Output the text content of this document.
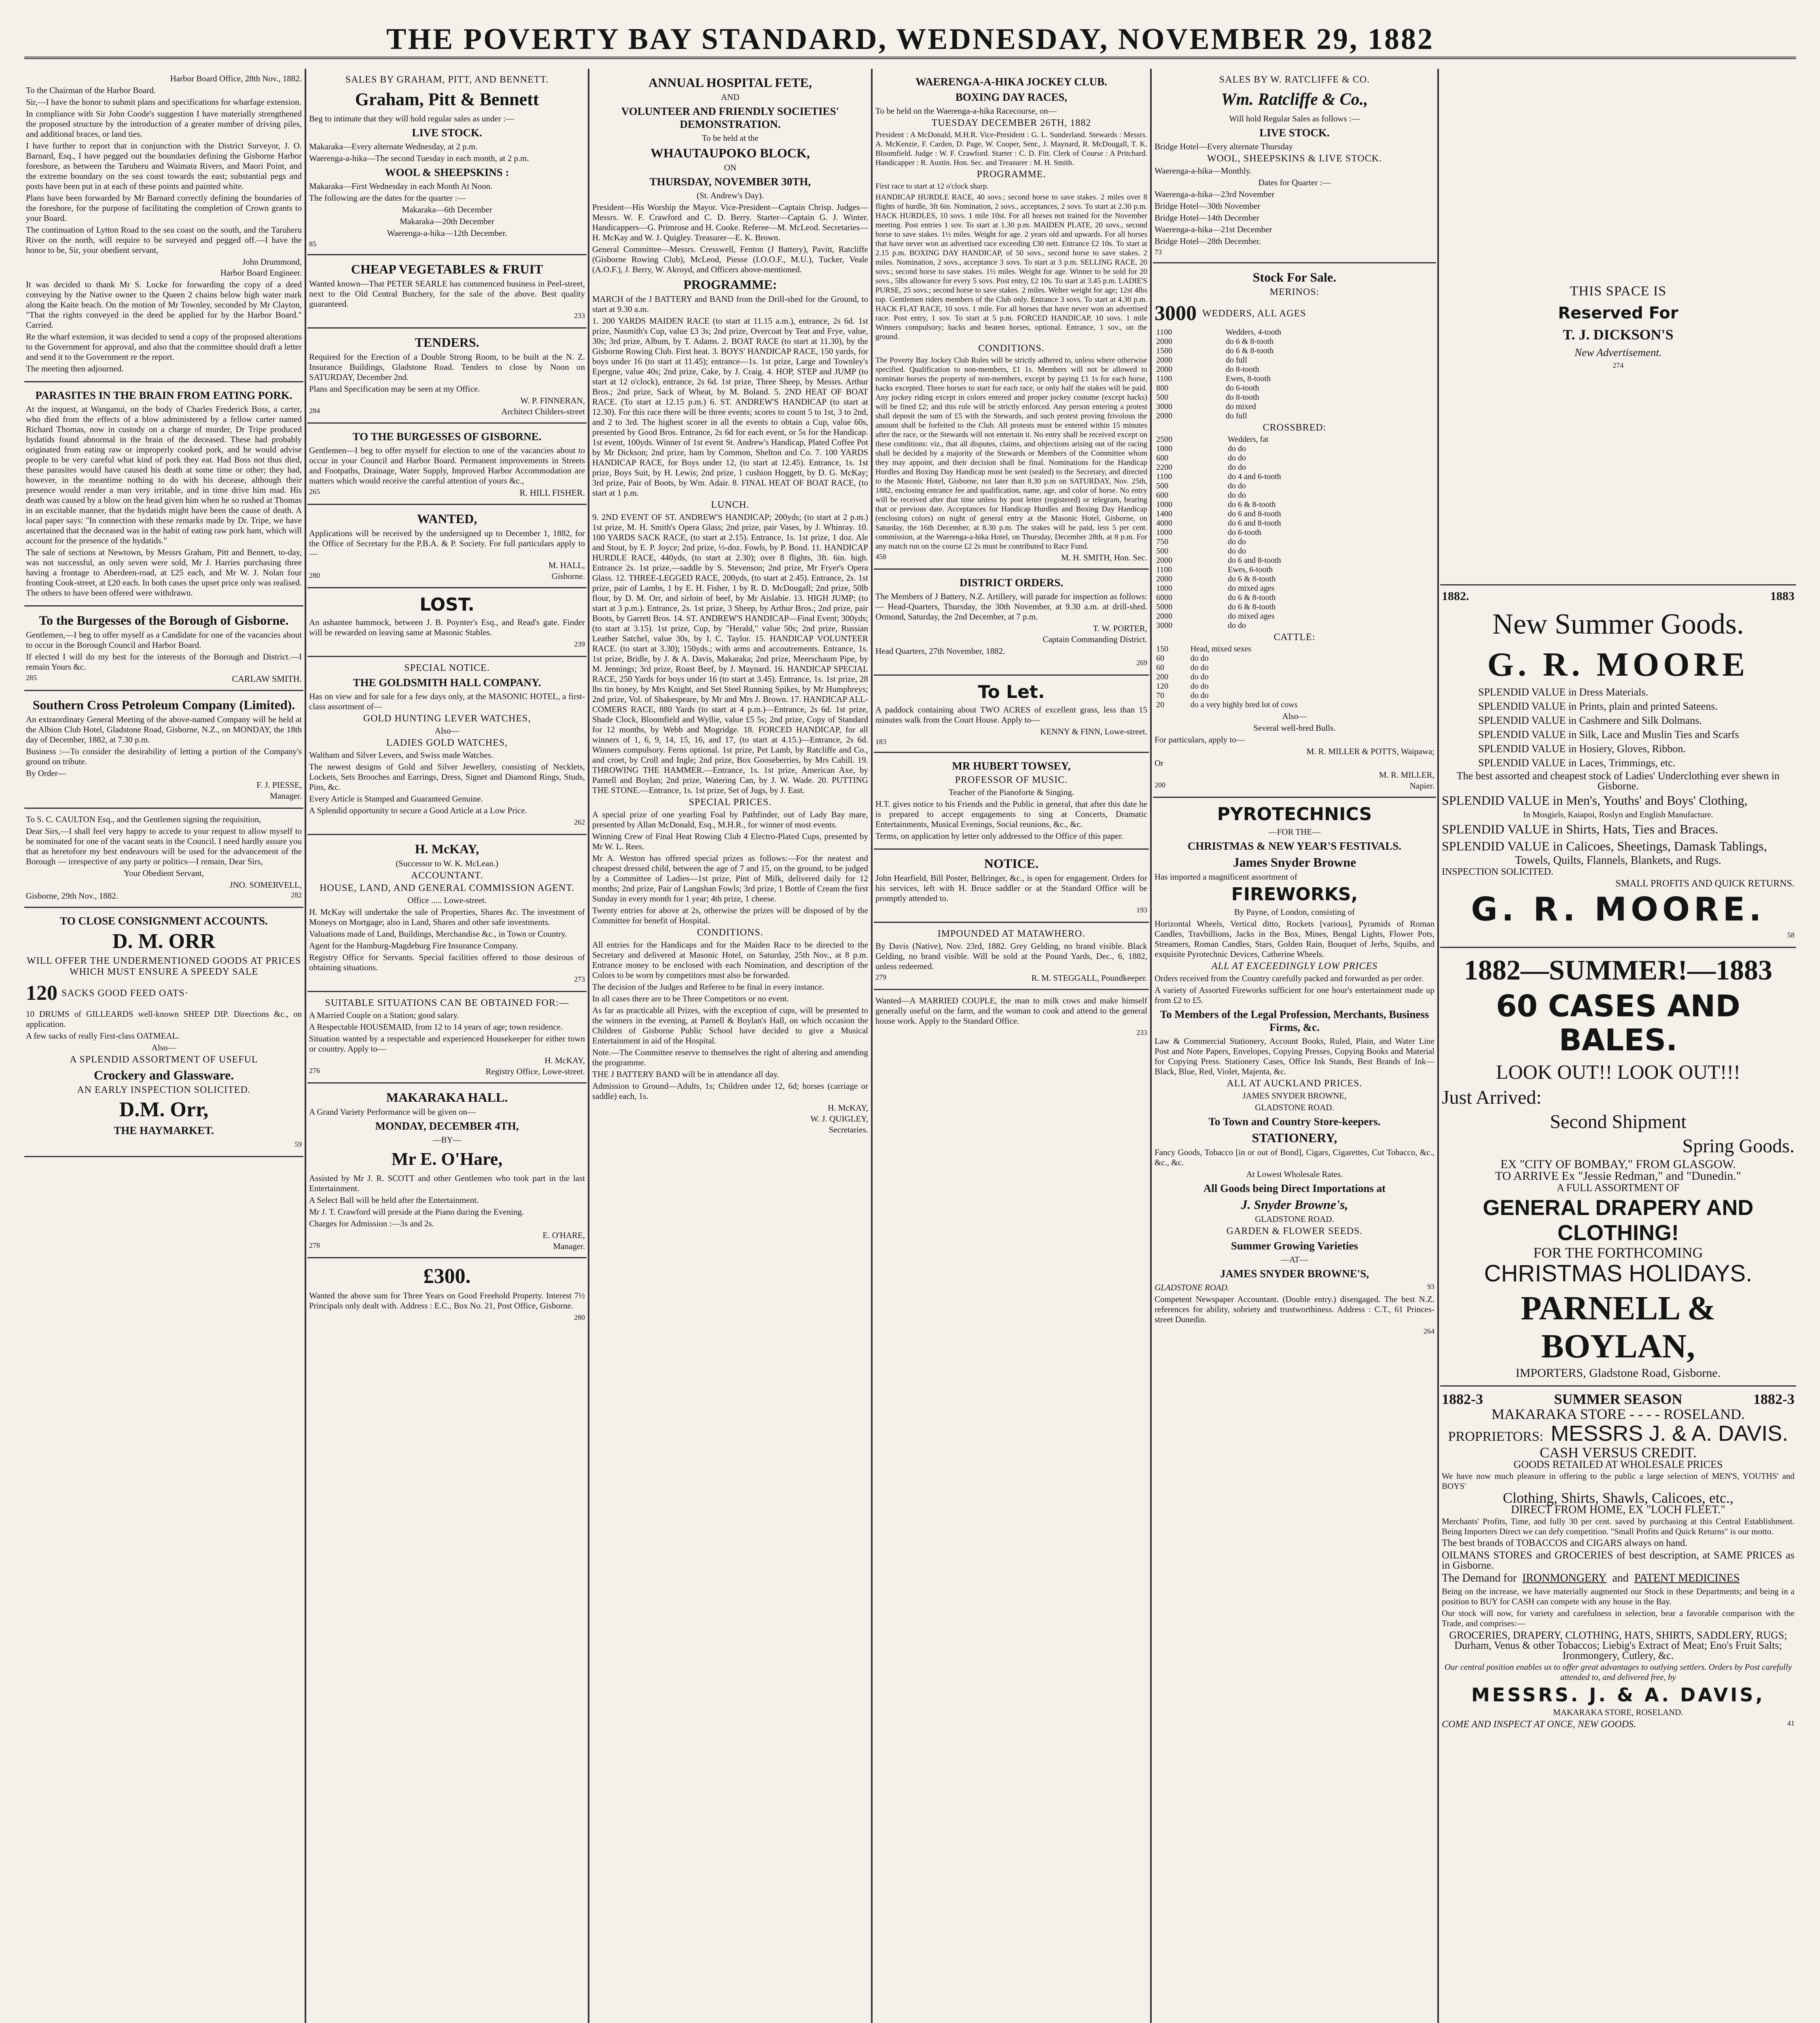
THE POVERTY BAY STANDARD, WEDNESDAY, NOVEMBER 29, 1882
Harbor Board Office, 28th Nov., 1882.
To the Chairman of the Harbor Board.
Sir,—I have the honor to submit plans and specifications for wharfage extension.
In compliance with Sir John Coode's suggestion I have materially strengthened the proposed structure by the introduction of a greater number of driving piles, and additional braces, or land ties.
I have further to report that in conjunction with the District Surveyor, J. O. Barnard, Esq., I have pegged out the boundaries defining the Gisborne Harbor foreshore, as between the Taruheru and Waimata Rivers, and Maori Point, and the extreme boundary on the sea coast towards the east; substantial pegs and posts have been put in at each of these points and painted white.
Plans have been forwarded by Mr Barnard correctly defining the boundaries of the foreshore, for the purpose of facilitating the completion of Crown grants to your Board.
The continuation of Lytton Road to the sea coast on the south, and the Taruheru River on the north, will require to be surveyed and pegged off.—I have the honor to be, Sir, your obedient servant,
John Drummond,
Harbor Board Engineer.
It was decided to thank Mr S. Locke for forwarding the copy of a deed conveying by the Native owner to the Queen 2 chains below high water mark along the Kaite beach. On the motion of Mr Townley, seconded by Mr Clayton, "That the rights conveyed in the deed be applied for by the Harbor Board." Carried.
Re the wharf extension, it was decided to send a copy of the proposed alterations to the Government for approval, and also that the committee should draft a letter and send it to the Government re the report.
The meeting then adjourned.
PARASITES IN THE BRAIN FROM EATING PORK.
At the inquest, at Wanganui, on the body of Charles Frederick Boss, a carter, who died from the effects of a blow administered by a fellow carter named Richard Thomas, now in custody on a charge of murder, Dr Tripe produced hydatids found abnormal in the brain of the deceased. These had probably originated from eating raw or improperly cooked pork, and he would advise people to be very careful what kind of pork they eat. Had Boss not thus died, these parasites would have caused his death at some time or other; they had, however, in the meantime nothing to do with his decease, although their presence would render a man very irritable, and in time drive him mad. His death was caused by a blow on the head given him when he so rushed at Thomas in an excitable manner, that the hydatids might have been the cause of death. A local paper says: "In connection with these remarks made by Dr. Tripe, we have ascertained that the deceased was in the habit of eating raw pork ham, which will account for the presence of the hydatids."
The sale of sections at Newtown, by Messrs Graham, Pitt and Bennett, to-day, was not successful, as only seven were sold, Mr J. Harries purchasing three having a frontage to Aberdeen-road, at £25 each, and Mr W. J. Nolan four fronting Cook-street, at £20 each. In both cases the upset price only was realised. The others to have been offered were withdrawn.
To the Burgesses of the Borough of Gisborne.
Gentlemen,—I beg to offer myself as a Candidate for one of the vacancies about to occur in the Borough Council and Harbor Board.
If elected I will do my best for the interests of the Borough and District.—I remain Yours &c.
285	CARLAW SMITH.
Southern Cross Petroleum Company (Limited).
An extraordinary General Meeting of the above-named Company will be held at the Albion Club Hotel, Gladstone Road, Gisborne, N.Z., on MONDAY, the 18th day of December, 1882, at 7.30 p.m.
Business :—To consider the desirability of letting a portion of the Company's ground on tribute.
By Order—
F. J. PIESSE,
Manager.
To S. C. CAULTON Esq., and the Gentlemen signing the requisition,
Dear Sirs,—I shall feel very happy to accede to your request to allow myself to be nominated for one of the vacant seats in the Council. I need hardly assure you that as heretofore my best endeavours will be used for the advancement of the Borough — irrespective of any party or politics—I remain, Dear Sirs,
Your Obedient Servant,
JNO. SOMERVELL,
Gisborne, 29th Nov., 1882.	282
TO CLOSE CONSIGNMENT ACCOUNTS.
D. M. ORR
WILL OFFER THE UNDERMENTIONED GOODS AT PRICES WHICH MUST ENSURE A SPEEDY SALE
120 SACKS GOOD FEED OATS·
10 DRUMS of GILLEARDS well-known SHEEP DIP. Directions &c., on application.
A few sacks of really First-class OATMEAL.
Also—
A SPLENDID ASSORTMENT OF USEFUL
Crockery and Glassware.
AN EARLY INSPECTION SOLICITED.
D.M. Orr,
THE HAYMARKET.
59
SALES BY GRAHAM, PITT, AND BENNETT.
Graham, Pitt & Bennett
Beg to intimate that they will hold regular sales as under :—
LIVE STOCK.
Makaraka—Every alternate Wednesday, at 2 p.m.
Waerenga-a-hika—The second Tuesday in each month, at 2 p.m.
WOOL & SHEEPSKINS :
Makaraka—First Wednesday in each Month At Noon.
The following are the dates for the quarter :—
Makaraka—6th December
Makaraka—20th December
Waerenga-a-hika—12th December.
85
CHEAP VEGETABLES & FRUIT
Wanted known—That PETER SEARLE has commenced business in Peel-street, next to the Old Central Butchery, for the sale of the above. Best quality guaranteed.
233
TENDERS.
Required for the Erection of a Double Strong Room, to be built at the N. Z. Insurance Buildings, Gladstone Road. Tenders to close by Noon on SATURDAY, December 2nd.
Plans and Specification may be seen at my Office.
W. P. FINNERAN,
284	Architect Childers-street
TO THE BURGESSES OF GISBORNE.
Gentlemen—I beg to offer myself for election to one of the vacancies about to occur in your Council and Harbor Board. Permanent improvements in Streets and Footpaths, Drainage, Water Supply, Improved Harbor Accommodation are matters which would receive the careful attention of yours &c.,
265	R. HILL FISHER.
WANTED,
Applications will be received by the undersigned up to December 1, 1882, for the Office of Secretary for the P.B.A. & P. Society. For full particulars apply to—
M. HALL,
280	Gisborne.
LOST.
An ashantee hammock, between J. B. Poynter's Esq., and Read's gate. Finder will be rewarded on leaving same at Masonic Stables.
239
SPECIAL NOTICE.
THE GOLDSMITH HALL COMPANY.
Has on view and for sale for a few days only, at the MASONIC HOTEL, a first-class assortment of—
GOLD HUNTING LEVER WATCHES,
Also—
LADIES GOLD WATCHES,
Waltham and Silver Levers, and Swiss made Watches.
The newest designs of Gold and Silver Jewellery, consisting of Necklets, Lockets, Sets Brooches and Earrings, Dress, Signet and Diamond Rings, Studs, Pins, &c.
Every Article is Stamped and Guaranteed Genuine.
A Splendid opportunity to secure a Good Article at a Low Price.
262
H. McKAY,
(Successor to W. K. McLean.)
ACCOUNTANT.
HOUSE, LAND, AND GENERAL COMMISSION AGENT.
Office ..... Lowe-street.
H. McKay will undertake the sale of Properties, Shares &c. The investment of Moneys on Mortgage; also in Land, Shares and other safe investments.
Valuations made of Land, Buildings, Merchandise &c., in Town or Country.
Agent for the Hamburg-Magdeburg Fire Insurance Company.
Registry Office for Servants. Special facilities offered to those desirous of obtaining situations.
273
SUITABLE SITUATIONS CAN BE OBTAINED FOR:—
A Married Couple on a Station; good salary.
A Respectable HOUSEMAID, from 12 to 14 years of age; town residence.
Situation wanted by a respectable and experienced Housekeeper for either town or country. Apply to—
H. McKAY,
276	Registry Office, Lowe-street.
MAKARAKA HALL.
A Grand Variety Performance will be given on—
MONDAY, DECEMBER 4TH,
—BY—
Mr E. O'Hare,
Assisted by Mr J. R. SCOTT and other Gentlemen who took part in the last Entertainment.
A Select Ball will be held after the Entertainment.
Mr J. T. Crawford will preside at the Piano during the Evening.
Charges for Admission :—3s and 2s.
E. O'HARE,
278	Manager.
£300.
Wanted the above sum for Three Years on Good Freehold Property. Interest 7½ Principals only dealt with. Address : E.C., Box No. 21, Post Office, Gisborne.
280
ANNUAL HOSPITAL FETE,
AND
VOLUNTEER AND FRIENDLY SOCIETIES' DEMONSTRATION.
To be held at the
WHAUTAUPOKO BLOCK,
ON
THURSDAY, NOVEMBER 30TH,
(St. Andrew's Day).
President—His Worship the Mayor. Vice-President—Captain Chrisp. Judges—Messrs. W. F. Crawford and C. D. Berry. Starter—Captain G. J. Winter. Handicappers—G. Primrose and H. Cooke. Referee—M. McLeod. Secretaries—H. McKay and W. J. Quigley. Treasurer—E. K. Brown.
General Committee—Messrs. Cresswell, Fenton (J Battery), Pavitt, Ratcliffe (Gisborne Rowing Club), McLeod, Piesse (I.O.O.F., M.U.), Tucker, Veale (A.O.F.), J. Berry, W. Akroyd, and Officers above-mentioned.
PROGRAMME:
MARCH of the J BATTERY and BAND from the Drill-shed for the Ground, to start at 9.30 a.m.
1. 200 YARDS MAIDEN RACE (to start at 11.15 a.m.), entrance, 2s 6d. 1st prize, Nasmith's Cup, value £3 3s; 2nd prize, Overcoat by Teat and Frye, value, 30s; 3rd prize, Album, by T. Adams. 2. BOAT RACE (to start at 11.30), by the Gisborne Rowing Club. First heat. 3. BOYS' HANDICAP RACE, 150 yards, for boys under 16 (to start at 11.45); entrance—1s. 1st prize, Large and Townley's Epergne, value 40s; 2nd prize, Cake, by J. Craig. 4. HOP, STEP and JUMP (to start at 12 o'clock), entrance, 2s 6d. 1st prize, Three Sheep, by Messrs. Arthur Bros.; 2nd prize, Sack of Wheat, by M. Boland. 5. 2ND HEAT OF BOAT RACE. (To start at 12.15 p.m.) 6. ST. ANDREW'S HANDICAP (to start at 12.30). For this race there will be three events; scores to count 5 to 1st, 3 to 2nd, and 2 to 3rd. The highest scorer in all the events to obtain a Cup, value 60s, presented by Good Bros. Entrance, 2s 6d for each event, or 5s for the Handicap. 1st event, 100yds. Winner of 1st event St. Andrew's Handicap, Plated Coffee Pot by Mr Dickson; 2nd prize, ham by Common, Shelton and Co. 7. 100 YARDS HANDICAP RACE, for Boys under 12, (to start at 12.45). Entrance, 1s. 1st prize, Boys Suit, by H. Lewis; 2nd prize, 1 cushion Hoggett, by D. G. McKay; 3rd prize, Pair of Boots, by Wm. Adair. 8. FINAL HEAT OF BOAT RACE, (to start at 1 p.m.
LUNCH.
9. 2ND EVENT OF ST. ANDREW'S HANDICAP; 200yds; (to start at 2 p.m.) 1st prize, M. H. Smith's Opera Glass; 2nd prize, pair Vases, by J. Whinray. 10. 100 YARDS SACK RACE, (to start at 2.15). Entrance, 1s. 1st prize, 1 doz. Ale and Stout, by E. P. Joyce; 2nd prize, ½-doz. Fowls, by P. Bond. 11. HANDICAP HURDLE RACE, 440yds, (to start at 2.30); over 8 flights, 3ft. 6in. high. Entrance 2s. 1st prize,—saddle by S. Stevenson; 2nd prize, Mr Fryer's Opera Glass. 12. THREE-LEGGED RACE, 200yds, (to start at 2.45). Entrance, 2s. 1st prize, pair of Lambs, 1 by E. H. Fisher, 1 by R. D. McDougall; 2nd prize, 50lb flour, by D. M. Orr, and sirloin of beef, by Mr Aislabie. 13. HIGH JUMP; (to start at 3 p.m.). Entrance, 2s. 1st prize, 3 Sheep, by Arthur Bros.; 2nd prize, pair Boots, by Garrett Bros. 14. ST. ANDREW'S HANDICAP—Final Event; 300yds; (to start at 3.15). 1st prize, Cup, by "Herald," value 50s; 2nd prize, Russian Leather Satchel, value 30s, by I. C. Taylor. 15. HANDICAP VOLUNTEER RACE. (to start at 3.30); 150yds.; with arms and accoutrements. Entrance, 1s. 1st prize, Bridle, by J. & A. Davis, Makaraka; 2nd prize, Meerschaum Pipe, by M. Jennings; 3rd prize, Roast Beef, by J. Maynard. 16. HANDICAP SPECIAL RACE, 250 Yards for boys under 16 (to start at 3.45). Entrance, 1s. 1st prize, 28 lbs tin honey, by Mrs Knight, and Set Steel Running Spikes, by Mr Humphreys; 2nd prize, Vol. of Shakespeare, by Mr and Mrs J. Brown. 17. HANDICAP ALL-COMERS RACE, 880 Yards (to start at 4 p.m.)—Entrance, 2s 6d. 1st prize, Shade Clock, Bloomfield and Wyllie, value £5 5s; 2nd prize, Copy of Standard for 12 months, by Webb and Mogridge. 18. FORCED HANDICAP, for all winners of 1, 6, 9, 14, 15, 16, and 17, (to start at 4.15.)—Entrance, 2s 6d. Winners compulsory. Ferns optional. 1st prize, Pet Lamb, by Ratcliffe and Co., and croet, by Croll and Ingle; 2nd prize, Box Gooseberries, by Mrs Cahill. 19. THROWING THE HAMMER.—Entrance, 1s. 1st prize, American Axe, by Parnell and Boylan; 2nd prize, Watering Can, by J. W. Wade. 20. PUTTING THE STONE.—Entrance, 1s. 1st prize, Set of Jugs, by J. East.
SPECIAL PRICES.
A special prize of one yearling Foal by Pathfinder, out of Lady Bay mare, presented by Allan McDonald, Esq., M.H.R., for winner of most events.
Winning Crew of Final Heat Rowing Club 4 Electro-Plated Cups, presented by Mr W. L. Rees.
Mr A. Weston has offered special prizes as follows:—For the neatest and cheapest dressed child, between the age of 7 and 15, on the ground, to be judged by a Committee of Ladies—1st prize, Pint of Milk, delivered daily for 12 months; 2nd prize, Pair of Langshan Fowls; 3rd prize, 1 Bottle of Cream the first Sunday in every month for 1 year; 4th prize, 1 cheese.
Twenty entries for above at 2s, otherwise the prizes will be disposed of by the Committee for benefit of Hospital.
CONDITIONS.
All entries for the Handicaps and for the Maiden Race to be directed to the Secretary and delivered at Masonic Hotel, on Saturday, 25th Nov., at 8 p.m. Entrance money to be enclosed with each Nomination, and description of the Colors to be worn by competitors must also be forwarded.
The decision of the Judges and Referee to be final in every instance.
In all cases there are to be Three Competitors or no event.
As far as practicable all Prizes, with the exception of cups, will be presented to the winners in the evening, at Parnell & Boylan's Hall, on which occasion the Children of Gisborne Public School have decided to give a Musical Entertainment in aid of the Hospital.
Note.—The Committee reserve to themselves the right of altering and amending the programme.
THE J BATTERY BAND will be in attendance all day.
Admission to Ground—Adults, 1s; Children under 12, 6d; horses (carriage or saddle) each, 1s.
H. McKAY,
W. J. QUIGLEY,
Secretaries.
WAERENGA-A-HIKA JOCKEY CLUB.
BOXING DAY RACES,
To be held on the Waerenga-a-hika Racecourse, on—
TUESDAY DECEMBER 26TH, 1882
President : A McDonald, M.H.R. Vice-President : G. L. Sunderland. Stewards : Messrs. A. McKenzie, F. Carden, D. Page, W. Cooper, Senr., J. Maynard, R. McDougall, T. K. Bloomfield. Judge : W. F. Crawford. Starter : C. D. Fitt. Clerk of Course : A Pritchard. Handicapper : R. Austin. Hon. Sec. and Treasurer : M. H. Smith.
PROGRAMME.
First race to start at 12 o'clock sharp.
HANDICAP HURDLE RACE, 40 sovs.; second horse to save stakes. 2 miles over 8 flights of hurdle, 3ft 6in. Nomination, 2 sovs., acceptances, 2 sovs. To start at 2.30 p.m. HACK HURDLES, 10 sovs. 1 mile 10st. For all horses not trained for the November meeting. Post entries 1 sov. To start at 1.30 p.m. MAIDEN PLATE, 20 sovs., second horse to save stakes. 1½ miles. Weight for age. 2 years old and upwards. For all horses that have never won an advertised race exceeding £30 nett. Entrance £2 10s. To start at 2.15 p.m. BOXING DAY HANDICAP, of 50 sovs., second horse to save stakes. 2 miles. Nomination, 2 sovs., acceptance 3 sovs. To start at 3 p.m. SELLING RACE, 20 sovs.; second horse to save stakes. 1½ miles. Weight for age. Winner to be sold for 20 sovs., 5lbs allowance for every 5 sovs. Post entry, £2 10s. To start at 3.45 p.m. LADIE'S PURSE, 25 sovs.; second horse to save stakes. 2 miles. Welter weight for age; 12st 4lbs top. Gentlemen riders members of the Club only. Entrance 3 sovs. To start at 4.30 p.m. HACK FLAT RACE, 10 sovs. 1 mile. For all horses that have never won an advertised race. Post entry, 1 sov. To start at 5 p.m. FORCED HANDICAP, 10 sovs. 1 mile Winners compulsory; hacks and beaten horses, optional. Entrance, 1 sov., on the ground.
CONDITIONS.
The Poverty Bay Jockey Club Rules will be strictly adhered to, unless where otherwise specified. Qualification to non-members, £1 1s. Members will not be allowed to nominate horses the property of non-members, except by paying £1 1s for each horse, hacks excepted. Three horses to start for each race, or only half the stakes will be paid. Any jockey riding except in colors entered and proper jockey costume (except hacks) will be fined £2; and this rule will be strictly enforced. Any person entering a protest shall deposit the sum of £5 with the Stewards, and such protest proving frivolous the amount shall be forfeited to the Club. All protests must be entered within 15 minutes after the race, or the Stewards will not entertain it. No entry shall be received except on these conditions: viz., that all disputes, claims, and objections arising out of the racing shall be decided by a majority of the Stewards or Members of the Committee whom they may appoint, and their decision shall be final. Nominations for the Handicap Hurdles and Boxing Day Handicap must be sent (sealed) to the Secretary, and directed to the Masonic Hotel, Gisborne, not later than 8.30 p.m on SATURDAY, Nov. 25th, 1882, enclosing entrance fee and qualification, name, age, and color of horse. No entry will be received after that time unless by post letter (registered) or telegram, bearing that or previous date. Acceptances for Handicap Hurdles and Boxing Day Handicap (enclosing colors) on night of general entry at the Masonic Hotel, Gisborne, on Saturday, the 16th December, at 8.30 p.m. The stakes will be paid, less 5 per cent. commission, at the Waerenga-a-hika Hotel, on Thursday, December 28th, at 8 p.m. For any match run on the course £2 2s must be contributed to Race Fund.
458	M. H. SMITH, Hon. Sec.
DISTRICT ORDERS.
The Members of J Battery, N.Z. Artillery, will parade for inspection as follows:— Head-Quarters, Thursday, the 30th November, at 9.30 a.m. at drill-shed. Ormond, Saturday, the 2nd December, at 7 p.m.
T. W. PORTER,
Captain Commanding District.
Head Quarters, 27th November, 1882.
269
To Let.
A paddock containing about TWO ACRES of excellent grass, less than 15 minutes walk from the Court House. Apply to—
KENNY & FINN, Lowe-street.
183
MR HUBERT TOWSEY,
PROFESSOR OF MUSIC.
Teacher of the Pianoforte & Singing.
H.T. gives notice to his Friends and the Public in general, that after this date he is prepared to accept engagements to sing at Concerts, Dramatic Entertainments, Musical Evenings, Social reunions, &c., &c.
Terms, on application by letter only addressed to the Office of this paper.
NOTICE.
John Hearfield, Bill Poster, Bellringer, &c., is open for engagement. Orders for his services, left with H. Bruce saddler or at the Standard Office will be promptly attended to.
193
IMPOUNDED AT MATAWHERO.
By Davis (Native), Nov. 23rd, 1882. Grey Gelding, no brand visible. Black Gelding, no brand visible. Will be sold at the Pound Yards, Dec., 6, 1882, unless redeemed.
279	R. M. STEGGALL, Poundkeeper.
Wanted—A MARRIED COUPLE, the man to milk cows and make himself generally useful on the farm, and the woman to cook and attend to the general house work. Apply to the Standard Office.
233
SALES BY W. RATCLIFFE & CO.
Wm. Ratcliffe & Co.,
Will hold Regular Sales as follows :—
LIVE STOCK.
Bridge Hotel—Every alternate Thursday
WOOL, SHEEPSKINS & LIVE STOCK.
Waerenga-a-hika—Monthly.
Dates for Quarter :—
Waerenga-a-hika—23rd November
Bridge Hotel—30th November
Bridge Hotel—14th December
Waerenga-a-hika—21st December
Bridge Hotel—28th December.
73
Stock For Sale.
MERINOS:
3000 WEDDERS, ALL AGES
1100	Wedders, 4-tooth
2000	do 6 & 8-tooth
1500	do 6 & 8-tooth
2000	do full
2000	do 8-tooth
1100	Ewes, 8-tooth
800	do 6-tooth
500	do 8-tooth
3000	do mixed
2000	do full
CROSSBRED:
2500	Wedders, fat
1000	do do
600	do do
2200	do do
1100	do 4 and 6-tooth
500	do do
600	do do
1000	do 6 & 8-tooth
1400	do 6 and 8-tooth
4000	do 6 and 8-tooth
1000	do 6-tooth
750	do do
500	do do
2000	do 6 and 8-tooth
1100	Ewes, 6-tooth
2000	do 6 & 8-tooth
1000	do mixed ages
6000	do 6 & 8-tooth
5000	do 6 & 8-tooth
2000	do mixed ages
3000	do do
CATTLE:
150	Head, mixed sexes
60	do do
60	do do
200	do do
120	do do
70	do do
20	do a very highly bred lot of cows
Also—
Several well-bred Bulls.
For particulars, apply to—
M. R. MILLER & POTTS, Waipawa;
Or
M. R. MILLER,
200	Napier.
PYROTECHNICS
—FOR THE—
CHRISTMAS & NEW YEAR'S FESTIVALS.
James Snyder Browne
Has imported a magnificent assortment of
FIREWORKS,
By Payne, of London, consisting of
Horizontal Wheels, Vertical ditto, Rockets [various], Pyramids of Roman Candles, Travbillions, Jacks in the Box, Mines, Bengal Lights, Flower Pots, Streamers, Roman Candles, Stars, Golden Rain, Bouquet of Jerbs, Squibs, and exquisite Pyrotechnic Devices, Catherine Wheels.
ALL AT EXCEEDINGLY LOW PRICES
Orders received from the Country carefully packed and forwarded as per order.
A variety of Assorted Fireworks sufficient for one hour's entertainment made up from £2 to £5.
To Members of the Legal Profession, Merchants, Business Firms, &c.
Law & Commercial Stationery, Account Books, Ruled, Plain, and Water Line Post and Note Papers, Envelopes, Copying Presses, Copying Books and Material for Copying Press. Stationery Cases, Office Ink Stands, Best Brands of Ink— Black, Blue, Red, Violet, Majenta, &c.
ALL AT AUCKLAND PRICES.
JAMES SNYDER BROWNE,
GLADSTONE ROAD.
To Town and Country Store-keepers.
STATIONERY,
Fancy Goods, Tobacco [in or out of Bond], Cigars, Cigarettes, Cut Tobacco, &c., &c., &c.
At Lowest Wholesale Rates.
All Goods being Direct Importations at
J. Snyder Browne's,
GLADSTONE ROAD.
GARDEN & FLOWER SEEDS.
Summer Growing Varieties
—AT—
JAMES SNYDER BROWNE'S,
GLADSTONE ROAD.	93
Competent Newspaper Accountant. (Double entry.) disengaged. The best N.Z. references for ability, sobriety and trustworthiness. Address : C.T., 61 Princes-street Dunedin.
264
THIS SPACE IS
Reserved For
T. J. DICKSON'S
New Advertisement.
274
1882.	1883
New Summer Goods.
G. R. MOORE
SPLENDID VALUE in Dress Materials.
SPLENDID VALUE in Prints, plain and printed Sateens.
SPLENDID VALUE in Cashmere and Silk Dolmans.
SPLENDID VALUE in Silk, Lace and Muslin Ties and Scarfs
SPLENDID VALUE in Hosiery, Gloves, Ribbon.
SPLENDID VALUE in Laces, Trimmings, etc.
The best assorted and cheapest stock of Ladies' Underclothing ever shewn in Gisborne.
SPLENDID VALUE in Men's, Youths' and Boys' Clothing,
In Mosgiels, Kaiapoi, Roslyn and English Manufacture.
SPLENDID VALUE in Shirts, Hats, Ties and Braces.
SPLENDID VALUE in Calicoes, Sheetings, Damask Tablings,
Towels, Quilts, Flannels, Blankets, and Rugs.
INSPECTION SOLICITED.
SMALL PROFITS AND QUICK RETURNS.
G. R. MOORE.
58
1882—SUMMER!—1883
60 CASES AND BALES.
LOOK OUT!! LOOK OUT!!!
Just Arrived:
Second Shipment
Spring Goods.
EX "CITY OF BOMBAY," FROM GLASGOW.
TO ARRIVE Ex "Jessie Redman," and "Dunedin."
A FULL ASSORTMENT OF
GENERAL DRAPERY AND CLOTHING!
FOR THE FORTHCOMING
CHRISTMAS HOLIDAYS.
PARNELL & BOYLAN,
IMPORTERS, Gladstone Road, Gisborne.
1882-3	SUMMER SEASON	1882-3
MAKARAKA STORE - - - - ROSELAND.
PROPRIETORS: MESSRS J. & A. DAVIS.
CASH VERSUS CREDIT.
GOODS RETAILED AT WHOLESALE PRICES
We have now much pleasure in offering to the public a large selection of MEN'S, YOUTHS' and BOYS'
Clothing, Shirts, Shawls, Calicoes, etc.,
DIRECT FROM HOME, EX "LOCH FLEET."
Merchants' Profits, Time, and fully 30 per cent. saved by purchasing at this Central Establishment. Being Importers Direct we can defy competition. "Small Profits and Quick Returns" is our motto.
The best brands of TOBACCOS and CIGARS always on hand.
OILMANS STORES and GROCERIES of best description, at SAME PRICES as in Gisborne.
The Demand for IRONMONGERY and PATENT MEDICINES
Being on the increase, we have materially augmented our Stock in these Departments; and being in a position to BUY for CASH can compete with any house in the Bay.
Our stock will now, for variety and carefulness in selection, bear a favorable comparison with the Trade, and comprises:—
GROCERIES, DRAPERY, CLOTHING, HATS, SHIRTS, SADDLERY, RUGS; Durham, Venus & other Tobaccos; Liebig's Extract of Meat; Eno's Fruit Salts; Ironmongery, Cutlery, &c.
Our central position enables us to offer great advantages to outlying settlers. Orders by Post carefully attended to, and delivered free, by
MESSRS. J. & A. DAVIS,
MAKARAKA STORE, ROSELAND.
COME AND INSPECT AT ONCE, NEW GOODS.	41
